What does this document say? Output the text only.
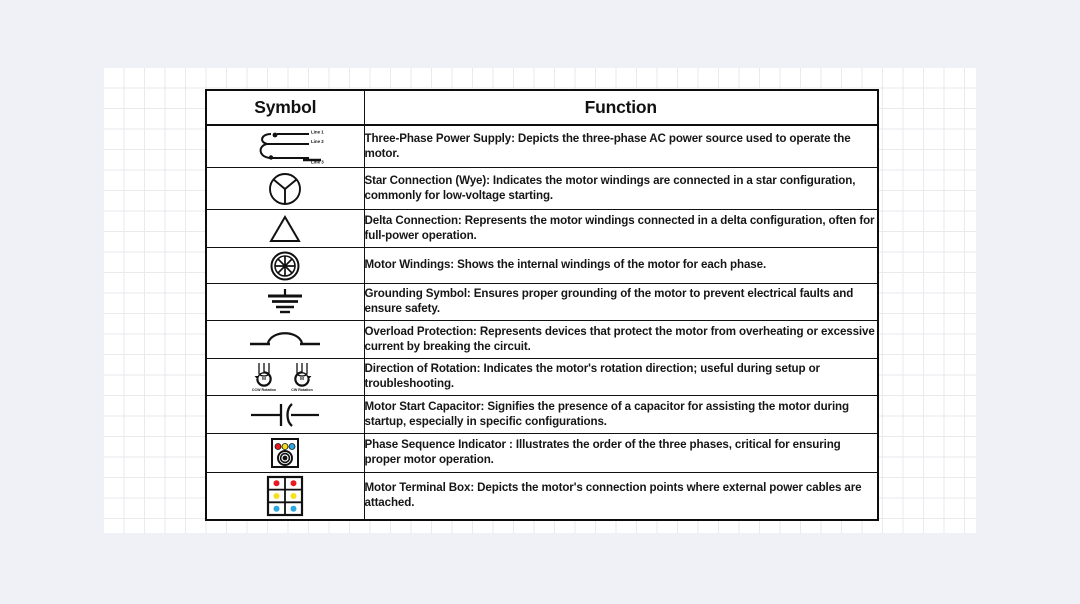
Symbol	Function

Line 1
Line 2
Line 3	Three-Phase Power Supply: Depicts the three-phase AC power source used to operate the motor.

Star Connection (Wye): Indicates the motor windings are connected in a star configuration, commonly for low-voltage starting.

Delta Connection: Represents the motor windings connected in a delta configuration, often for full-power operation.

Motor Windings: Shows the internal windings of the motor for each phase.

Grounding Symbol: Ensures proper grounding of the motor to prevent electrical faults and ensure safety.

Overload Protection: Represents devices that protect the motor from overheating or excessive current by breaking the circuit.

M
CCW Rotation
M
CW Rotation	Direction of Rotation: Indicates the motor's rotation direction; useful during setup or troubleshooting.

Motor Start Capacitor: Signifies the presence of a capacitor for assisting the motor during startup, especially in specific configurations.

Phase Sequence Indicator : Illustrates the order of the three phases, critical for ensuring proper motor operation.

Motor Terminal Box: Depicts the motor's connection points where external power cables are attached.
